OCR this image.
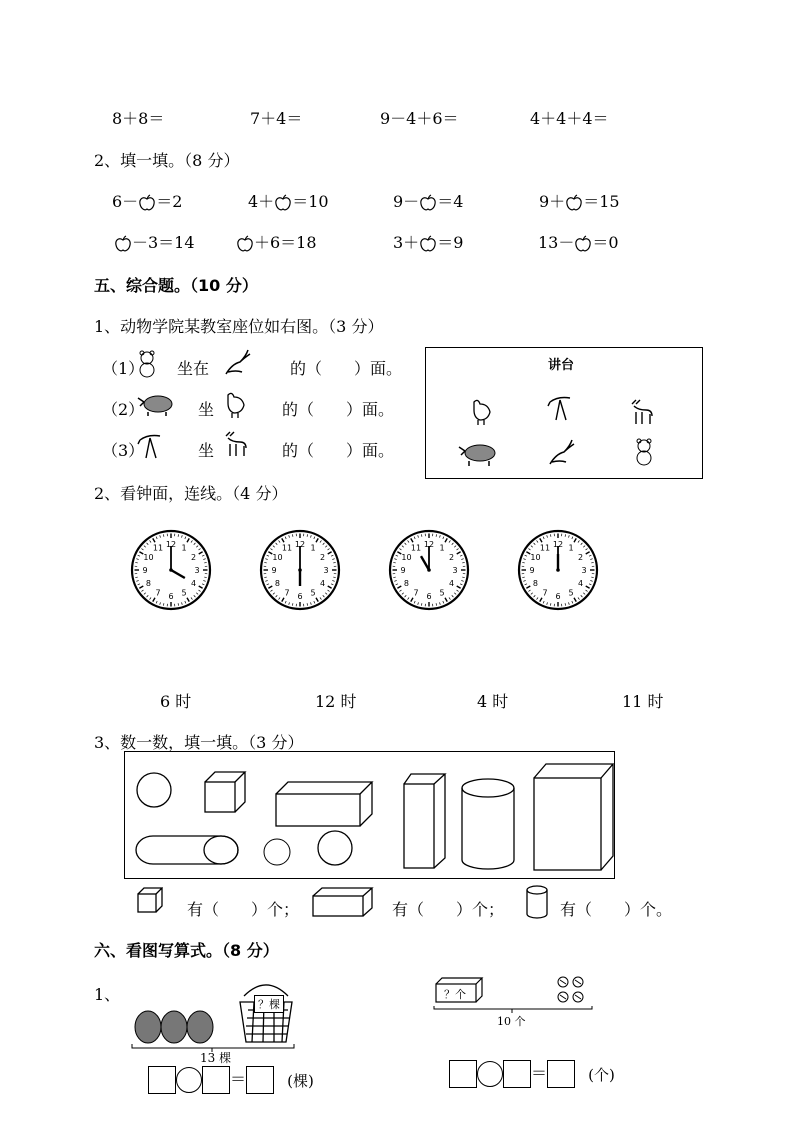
8＋8＝	7＋4＝	9－4＋6＝	4＋4＋4＝
2、填一填。（8 分）
6－ ＝2	4＋ ＝10	9－ ＝4	9＋ ＝15
－3＝14	＋6＝18	3＋ ＝9	13－ ＝0
五、综合题。（10 分）
1、动物学院某教室座位如右图。（3 分）
（1） 坐在	的（　　）面。
（2）	坐	的（　　）面。
（3）	坐	的（　　）面。
讲台
2、看钟面，连线。（4 分）
1
2
3
4
5
6
7
8
9
10
11 12	1
2
3
4
5
6
7
8
9
10
11 12	1
2
3
4
5
6
7
8
9
10
11 12	1
2
3
4
5
6
7
8
9
10
11 12
6 时	12 时	4 时	11 时
3、数一数，填一填。（3 分）
有（　　）个；	有（　　）个；	有（　　）个。
六、看图写算式。（8 分）
1、
？棵
13 棵
＝	(棵)
？个
10 个
＝	(个)
